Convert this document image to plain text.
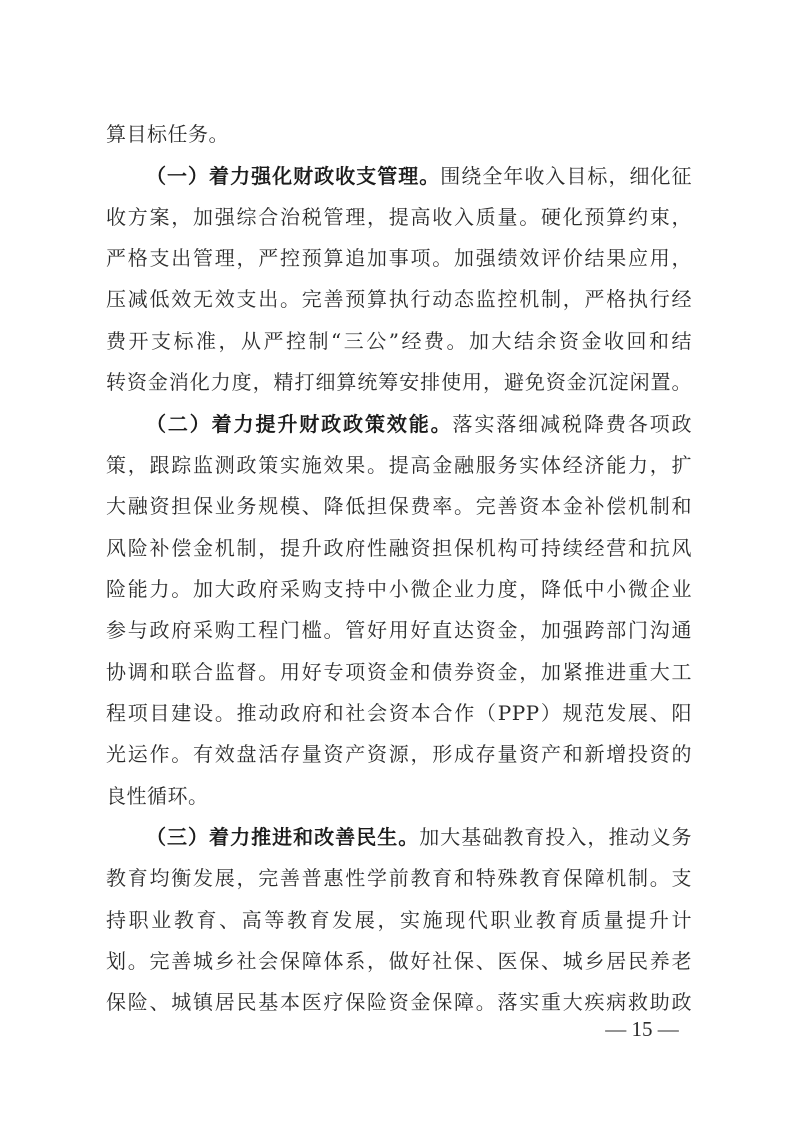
算目标任务。
（一）着力强化财政收支管理。围绕全年收入目标，细化征
收方案，加强综合治税管理，提高收入质量。硬化预算约束，
严格支出管理，严控预算追加事项。加强绩效评价结果应用，
压减低效无效支出。完善预算执行动态监控机制，严格执行经
费开支标准，从严控制“三公”经费。加大结余资金收回和结
转资金消化力度，精打细算统筹安排使用，避免资金沉淀闲置。
（二）着力提升财政政策效能。落实落细减税降费各项政
策，跟踪监测政策实施效果。提高金融服务实体经济能力，扩
大融资担保业务规模、降低担保费率。完善资本金补偿机制和
风险补偿金机制，提升政府性融资担保机构可持续经营和抗风
险能力。加大政府采购支持中小微企业力度，降低中小微企业
参与政府采购工程门槛。管好用好直达资金，加强跨部门沟通
协调和联合监督。用好专项资金和债券资金，加紧推进重大工
程项目建设。推动政府和社会资本合作（PPP）规范发展、阳
光运作。有效盘活存量资产资源，形成存量资产和新增投资的
良性循环。
（三）着力推进和改善民生。加大基础教育投入，推动义务
教育均衡发展，完善普惠性学前教育和特殊教育保障机制。支
持职业教育、高等教育发展，实施现代职业教育质量提升计
划。完善城乡社会保障体系，做好社保、医保、城乡居民养老
保险、城镇居民基本医疗保险资金保障。落实重大疾病救助政
— 15 —
